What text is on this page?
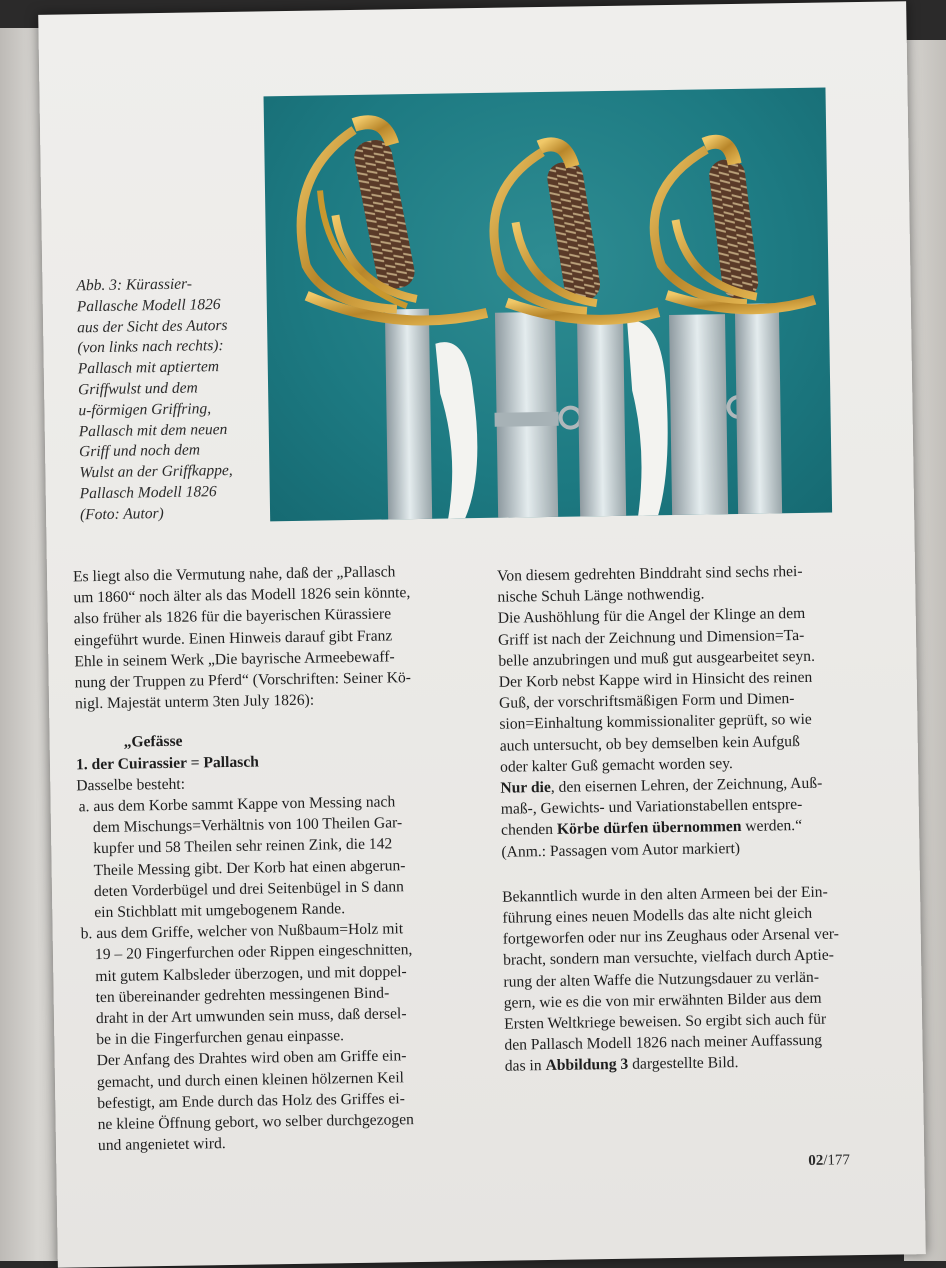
Abb. 3: Kürassier-
Pallasche Modell 1826
aus der Sicht des Autors
(von links nach rechts):
Pallasch mit aptiertem
Griffwulst und dem
u-förmigen Griffring,
Pallasch mit dem neuen
Griff und noch dem
Wulst an der Griffkappe,
Pallasch Modell 1826
(Foto: Autor)
Es liegt also die Vermutung nahe, daß der „Pallasch
um 1860“ noch älter als das Modell 1826 sein könnte,
also früher als 1826 für die bayerischen Kürassiere
eingeführt wurde. Einen Hinweis darauf gibt Franz
Ehle in seinem Werk „Die bayrische Armeebewaff-
nung der Truppen zu Pferd“ (Vorschriften: Seiner Kö-
nigl. Majestät unterm 3ten July 1826):
„Gefässe
1. der Cuirassier = Pallasch
Dasselbe besteht:
a. aus dem Korbe sammt Kappe von Messing nach
dem Mischungs=Verhältnis von 100 Theilen Gar-
kupfer und 58 Theilen sehr reinen Zink, die 142
Theile Messing gibt. Der Korb hat einen abgerun-
deten Vorderbügel und drei Seitenbügel in S dann
ein Stichblatt mit umgebogenem Rande.
b. aus dem Griffe, welcher von Nußbaum=Holz mit
19 – 20 Fingerfurchen oder Rippen eingeschnitten,
mit gutem Kalbsleder überzogen, und mit doppel-
ten übereinander gedrehten messingenen Bind-
draht in der Art umwunden sein muss, daß dersel-
be in die Fingerfurchen genau einpasse.
Der Anfang des Drahtes wird oben am Griffe ein-
gemacht, und durch einen kleinen hölzernen Keil
befestigt, am Ende durch das Holz des Griffes ei-
ne kleine Öffnung gebort, wo selber durchgezogen
und angenietet wird.
Von diesem gedrehten Binddraht sind sechs rhei-
nische Schuh Länge nothwendig.
Die Aushöhlung für die Angel der Klinge an dem
Griff ist nach der Zeichnung und Dimension=Ta-
belle anzubringen und muß gut ausgearbeitet seyn.
Der Korb nebst Kappe wird in Hinsicht des reinen
Guß, der vorschriftsmäßigen Form und Dimen-
sion=Einhaltung kommissionaliter geprüft, so wie
auch untersucht, ob bey demselben kein Aufguß
oder kalter Guß gemacht worden sey.
Nur die, den eisernen Lehren, der Zeichnung, Auß-
maß-, Gewichts- und Variationstabellen entspre-
chenden Körbe dürfen übernommen werden.“
(Anm.: Passagen vom Autor markiert)
Bekanntlich wurde in den alten Armeen bei der Ein-
führung eines neuen Modells das alte nicht gleich
fortgeworfen oder nur ins Zeughaus oder Arsenal ver-
bracht, sondern man versuchte, vielfach durch Aptie-
rung der alten Waffe die Nutzungsdauer zu verlän-
gern, wie es die von mir erwähnten Bilder aus dem
Ersten Weltkriege beweisen. So ergibt sich auch für
den Pallasch Modell 1826 nach meiner Auffassung
das in Abbildung 3 dargestellte Bild.
02/177
